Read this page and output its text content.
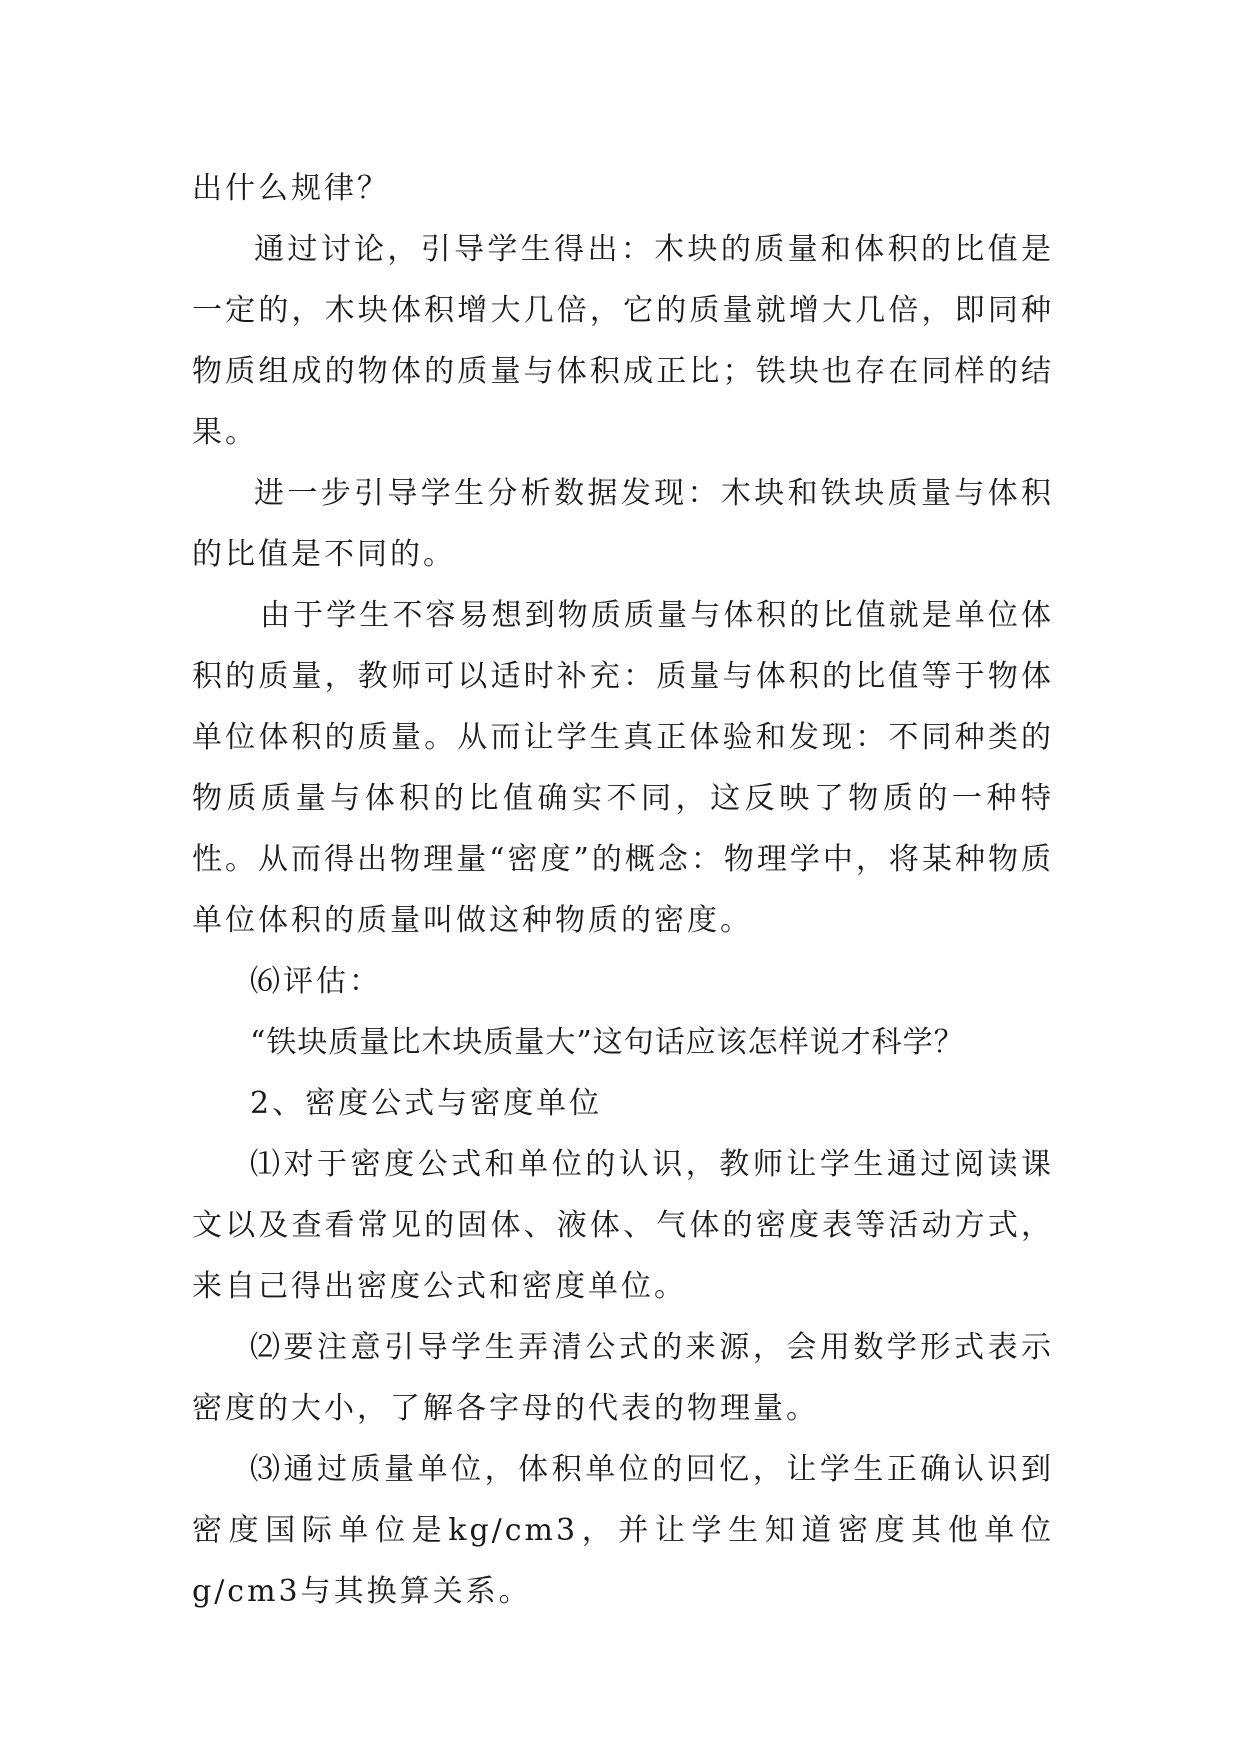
出什么规律？

通过讨论，引导学生得出：木块的质量和体积的比值是一定的，木块体积增大几倍，它的质量就增大几倍，即同种物质组成的物体的质量与体积成正比；铁块也存在同样的结果。

进一步引导学生分析数据发现：木块和铁块质量与体积的比值是不同的。

由于学生不容易想到物质质量与体积的比值就是单位体积的质量，教师可以适时补充：质量与体积的比值等于物体单位体积的质量。从而让学生真正体验和发现：不同种类的物质质量与体积的比值确实不同，这反映了物质的一种特性。从而得出物理量“密度”的概念：物理学中，将某种物质单位体积的质量叫做这种物质的密度。

⑹评估：

“铁块质量比木块质量大”这句话应该怎样说才科学？

2、密度公式与密度单位

⑴对于密度公式和单位的认识，教师让学生通过阅读课文以及查看常见的固体、液体、气体的密度表等活动方式，来自己得出密度公式和密度单位。

⑵要注意引导学生弄清公式的来源，会用数学形式表示密度的大小，了解各字母的代表的物理量。

⑶通过质量单位，体积单位的回忆，让学生正确认识到密度国际单位是kg/cm3，并让学生知道密度其他单位g/cm3与其换算关系。
